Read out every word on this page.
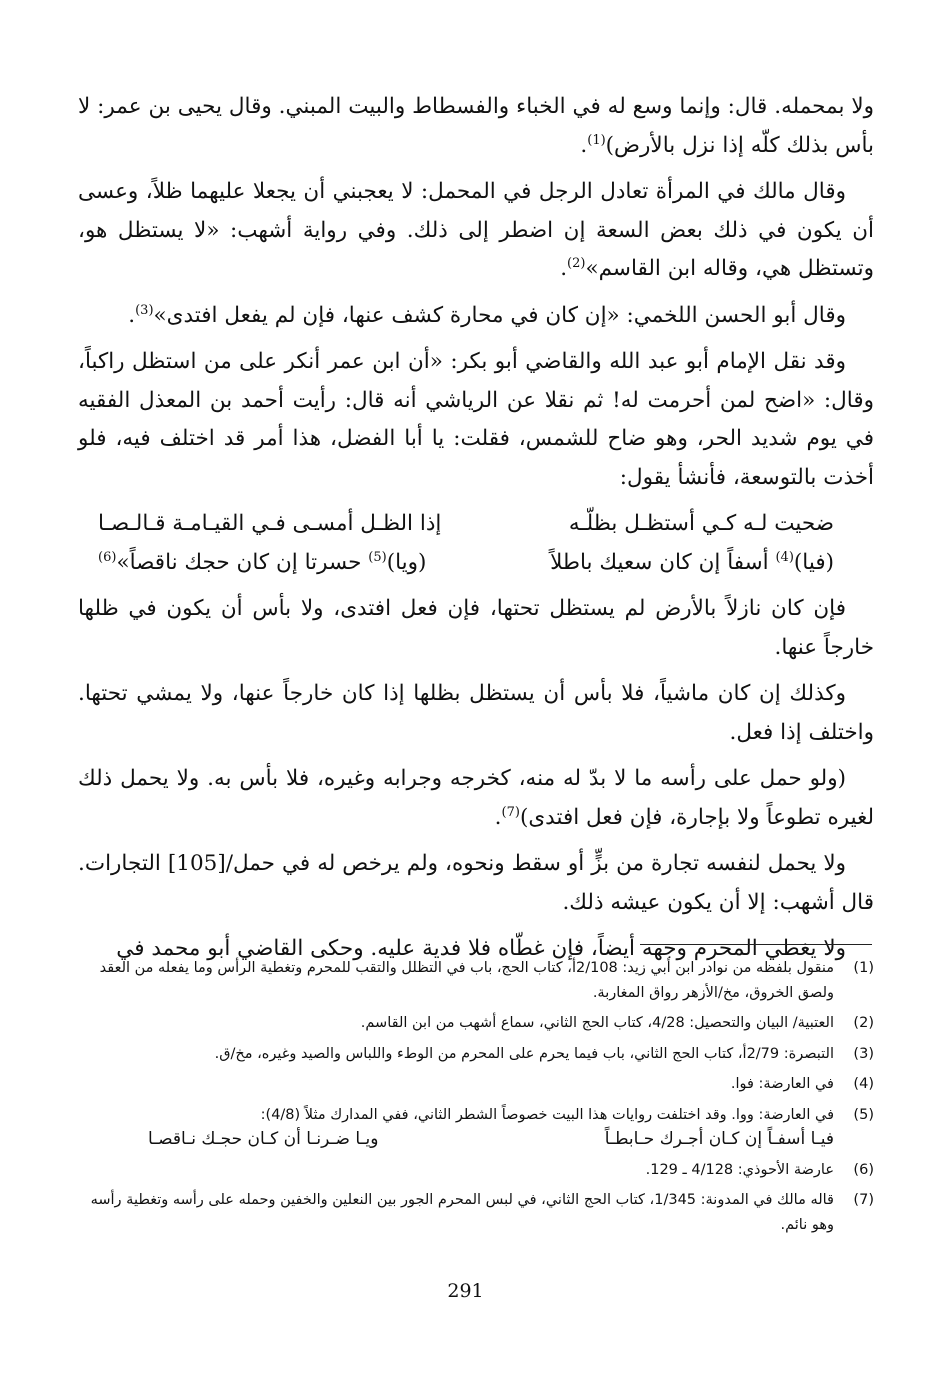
ولا بمحمله. قال: وإنما وسع له في الخباء والفسطاط والبيت المبني. وقال يحيى بن عمر: لا بأس بذلك كلّه إذا نزل بالأرض)$^{(1)}$.

وقال مالك في المرأة تعادل الرجل في المحمل: لا يعجبني أن يجعلا عليهما ظلاً، وعسى أن يكون في ذلك بعض السعة إن اضطر إلى ذلك. وفي رواية أشهب: «لا يستظل هو، وتستظل هي، وقاله ابن القاسم»$^{(2)}$.

وقال أبو الحسن اللخمي: «إن كان في محارة كشف عنها، فإن لم يفعل افتدى»$^{(3)}$.

وقد نقل الإمام أبو عبد الله والقاضي أبو بكر: «أن ابن عمر أنكر على من استظل راكباً، وقال: «اضح لمن أحرمت له! ثم نقلا عن الرياشي أنه قال: رأيت أحمد بن المعذل الفقيه في يوم شديد الحر، وهو ضاح للشمس، فقلت: يا أبا الفضل، هذا أمر قد اختلف فيه، فلو أخذت بالتوسعة، فأنشأ يقول:

ضحيت لـه كـي أستظـل بظلّـه
إذا الظـل أمسـى فـي القيـامـة قـالـصـا
(فيا)$^{(4)}$ أسفاً إن كان سعيك باطلاً
(ويا)$^{(5)}$ حسرتا إن كان حجك ناقصاً»$^{(6)}$

فإن كان نازلاً بالأرض لم يستظل تحتها، فإن فعل افتدى، ولا بأس أن يكون في ظلها خارجاً عنها.

وكذلك إن كان ماشياً، فلا بأس أن يستظل بظلها إذا كان خارجاً عنها، ولا يمشي تحتها. واختلف إذا فعل.

(ولو حمل على رأسه ما لا بدّ له منه، كخرجه وجرابه وغيره، فلا بأس به. ولا يحمل ذلك لغيره تطوعاً ولا بإجارة، فإن فعل افتدى)$^{(7)}$.

ولا يحمل لنفسه تجارة من بزٍّ أو سقط ونحوه، ولم يرخص له في حمل/[105] التجارات. قال أشهب: إلا أن يكون عيشه ذلك.

ولا يغطي المحرم وجهه أيضاً، فإن غطّاه فلا فدية عليه. وحكى القاضي أبو محمد في

(1)
منقول بلفظه من نوادر ابن أبي زيد: 2/108أ، كتاب الحج، باب في التظلل والتقب للمحرم وتغطية الرأس وما يفعله من العقد ولصق الخروق، مخ/الأزهر رواق المغاربة.
(2)
العتبية/ البيان والتحصيل: 4/28، كتاب الحج الثاني، سماع أشهب من ابن القاسم.
(3)
التبصرة: 2/79أ، كتاب الحج الثاني، باب فيما يحرم على المحرم من الوطء واللباس والصيد وغيره، مخ/ق.
(4)
في العارضة: فوا.
(5)
في العارضة: ووا. وقد اختلفت روايات هذا البيت خصوصاً الشطر الثاني، ففي المدارك مثلاً (4/8):
فيـا أسفـاً إن كـان أجـرك حـابطـاً
ويـا ضـرنـا أن كـان حجـك نـاقصـا
(6)
عارضة الأحوذي: 4/128 ـ 129.
(7)
قاله مالك في المدونة: 1/345، كتاب الحج الثاني، في لبس المحرم الجور بين النعلين والخفين وحمله على رأسه وتغطية رأسه وهو نائم.
291
